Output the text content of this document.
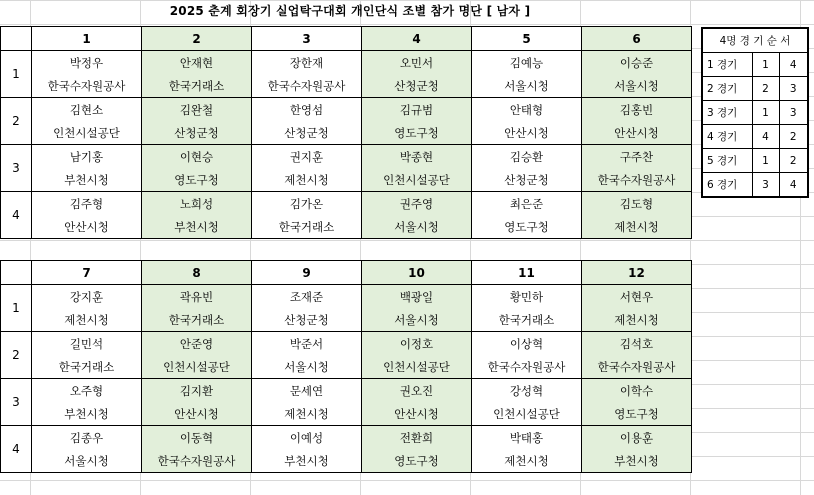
2025 춘계 회장기 실업탁구대회 개인단식 조별 참가 명단 [ 남자 ]
	1	2	3	4	5	6
1	박정우	안재현	장한재	오민서	김예능	이승준
	한국수자원공사	한국거래소	한국수자원공사	산청군청	서울시청	서울시청
2	김현소	김완철	한영섬	김규범	안태형	김홍빈
	인천시설공단	산청군청	산청군청	영도구청	안산시청	안산시청
3	남기홍	이현승	권지훈	박종현	김승환	구주찬
	부천시청	영도구청	제천시청	인천시설공단	산청군청	한국수자원공사
4	김주형	노희성	김가온	권주영	최은준	김도형
	안산시청	부천시청	한국거래소	서울시청	영도구청	제천시청
	7	8	9	10	11	12
1	강지훈	곽유빈	조재준	백광일	황민하	서현우
	제천시청	한국거래소	산청군청	서울시청	한국거래소	제천시청
2	길민석	안준영	박준서	이정호	이상혁	김석호
	한국거래소	인천시설공단	서울시청	인천시설공단	한국수자원공사	한국수자원공사
3	오주형	김지환	문세연	권오진	강성혁	이학수
	부천시청	안산시청	제천시청	안산시청	인천시설공단	영도구청
4	김종우	이동혁	이예성	전환희	박태홍	이용훈
	서울시청	한국수자원공사	부천시청	영도구청	제천시청	부천시청
4명 경 기 순 서		
1 경기	1	4
2 경기	2	3
3 경기	1	3
4 경기	4	2
5 경기	1	2
6 경기	3	4
